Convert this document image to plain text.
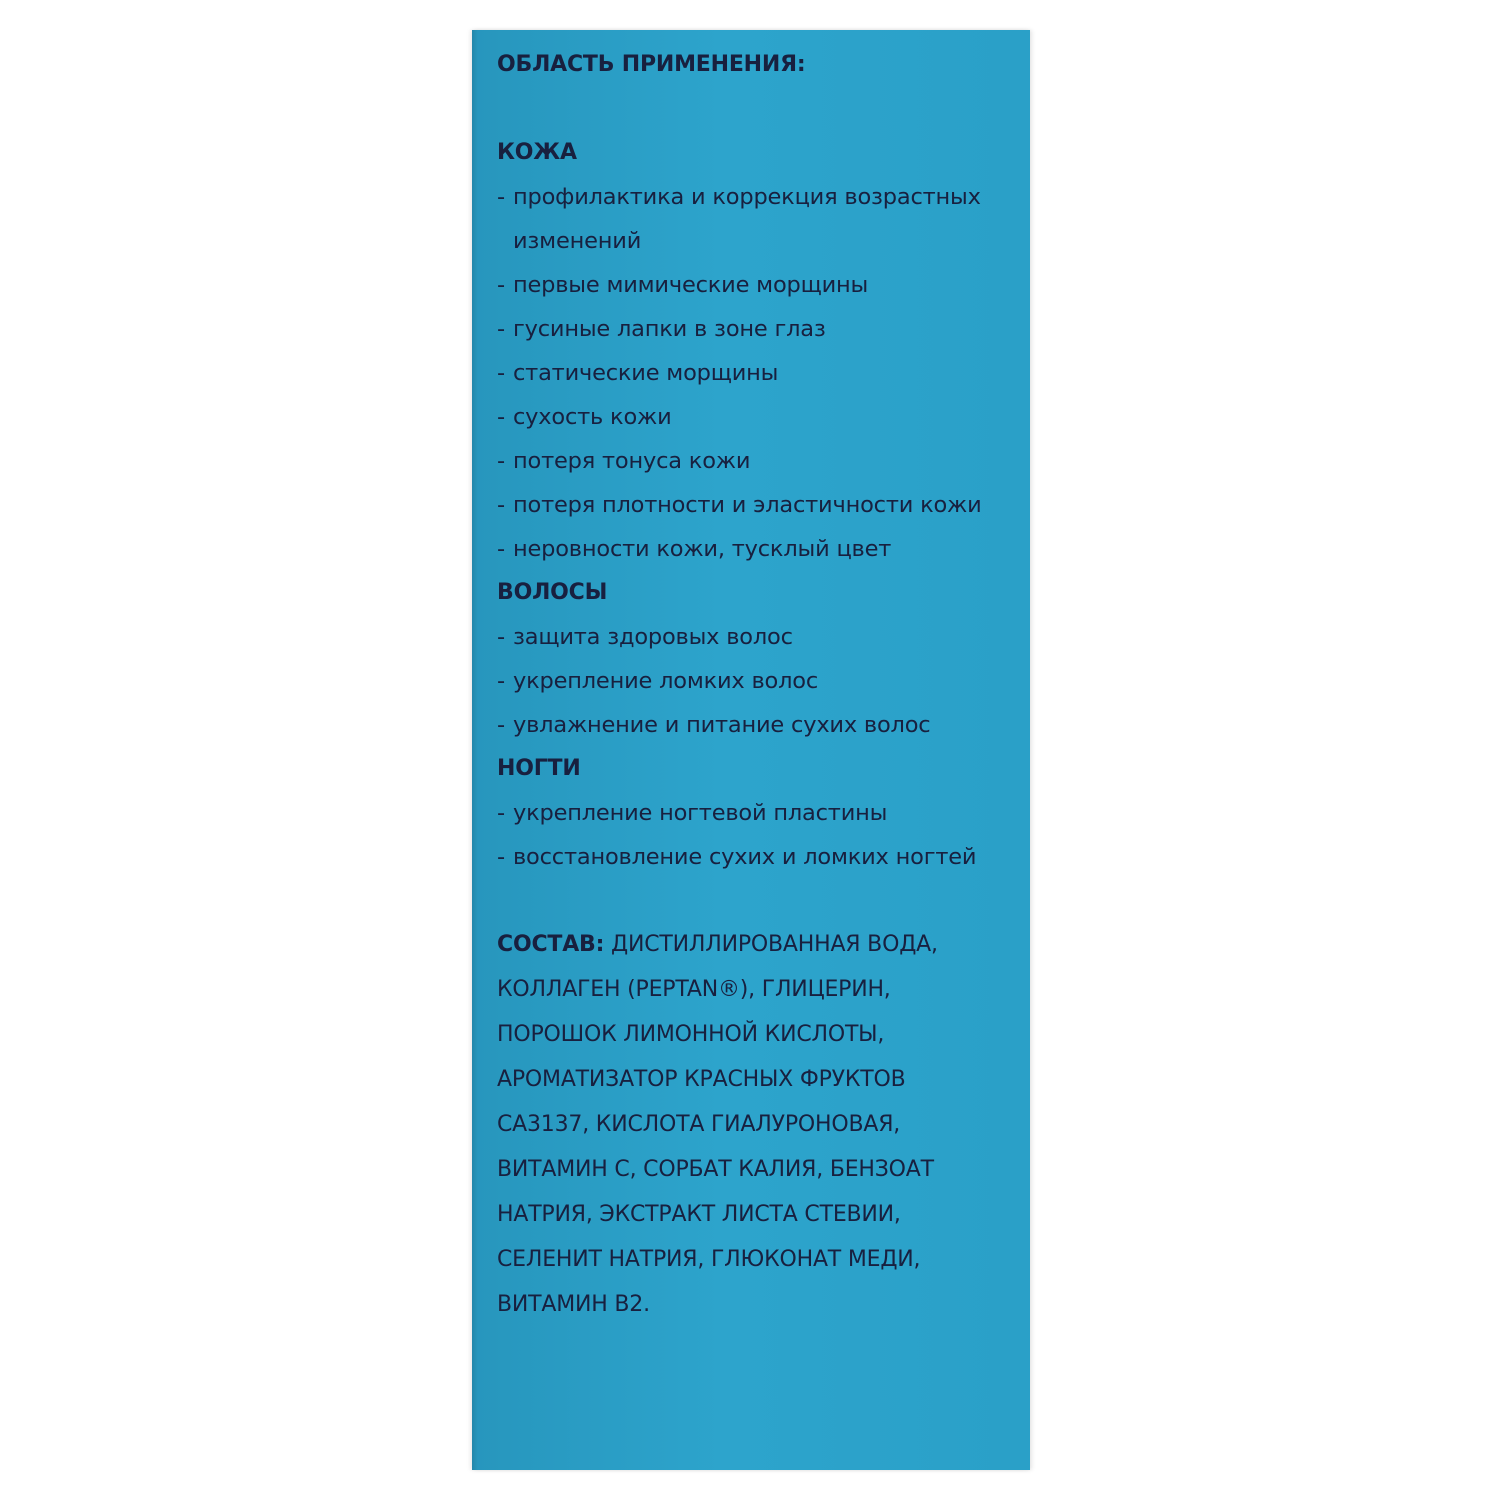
ОБЛАСТЬ ПРИМЕНЕНИЯ:

КОЖА

- профилактика и коррекция возрастных
изменений
- первые мимические морщины
- гусиные лапки в зоне глаз
- статические морщины
- сухость кожи
- потеря тонуса кожи
- потеря плотности и эластичности кожи
- неровности кожи, тусклый цвет

ВОЛОСЫ

- защита здоровых волос
- укрепление ломких волос
- увлажнение и питание сухих волос

НОГТИ

- укрепление ногтевой пластины
- восстановление сухих и ломких ногтей
СОСТАВ: ДИСТИЛЛИРОВАННАЯ ВОДА,
КОЛЛАГЕН (PEPTAN®), ГЛИЦЕРИН,
ПОРОШОК ЛИМОННОЙ КИСЛОТЫ,
АРОМАТИЗАТОР КРАСНЫХ ФРУКТОВ
СА3137, КИСЛОТА ГИАЛУРОНОВАЯ,
ВИТАМИН С, СОРБАТ КАЛИЯ, БЕНЗОАТ
НАТРИЯ, ЭКСТРАКТ ЛИСТА СТЕВИИ,
СЕЛЕНИТ НАТРИЯ, ГЛЮКОНАТ МЕДИ,
ВИТАМИН В2.
